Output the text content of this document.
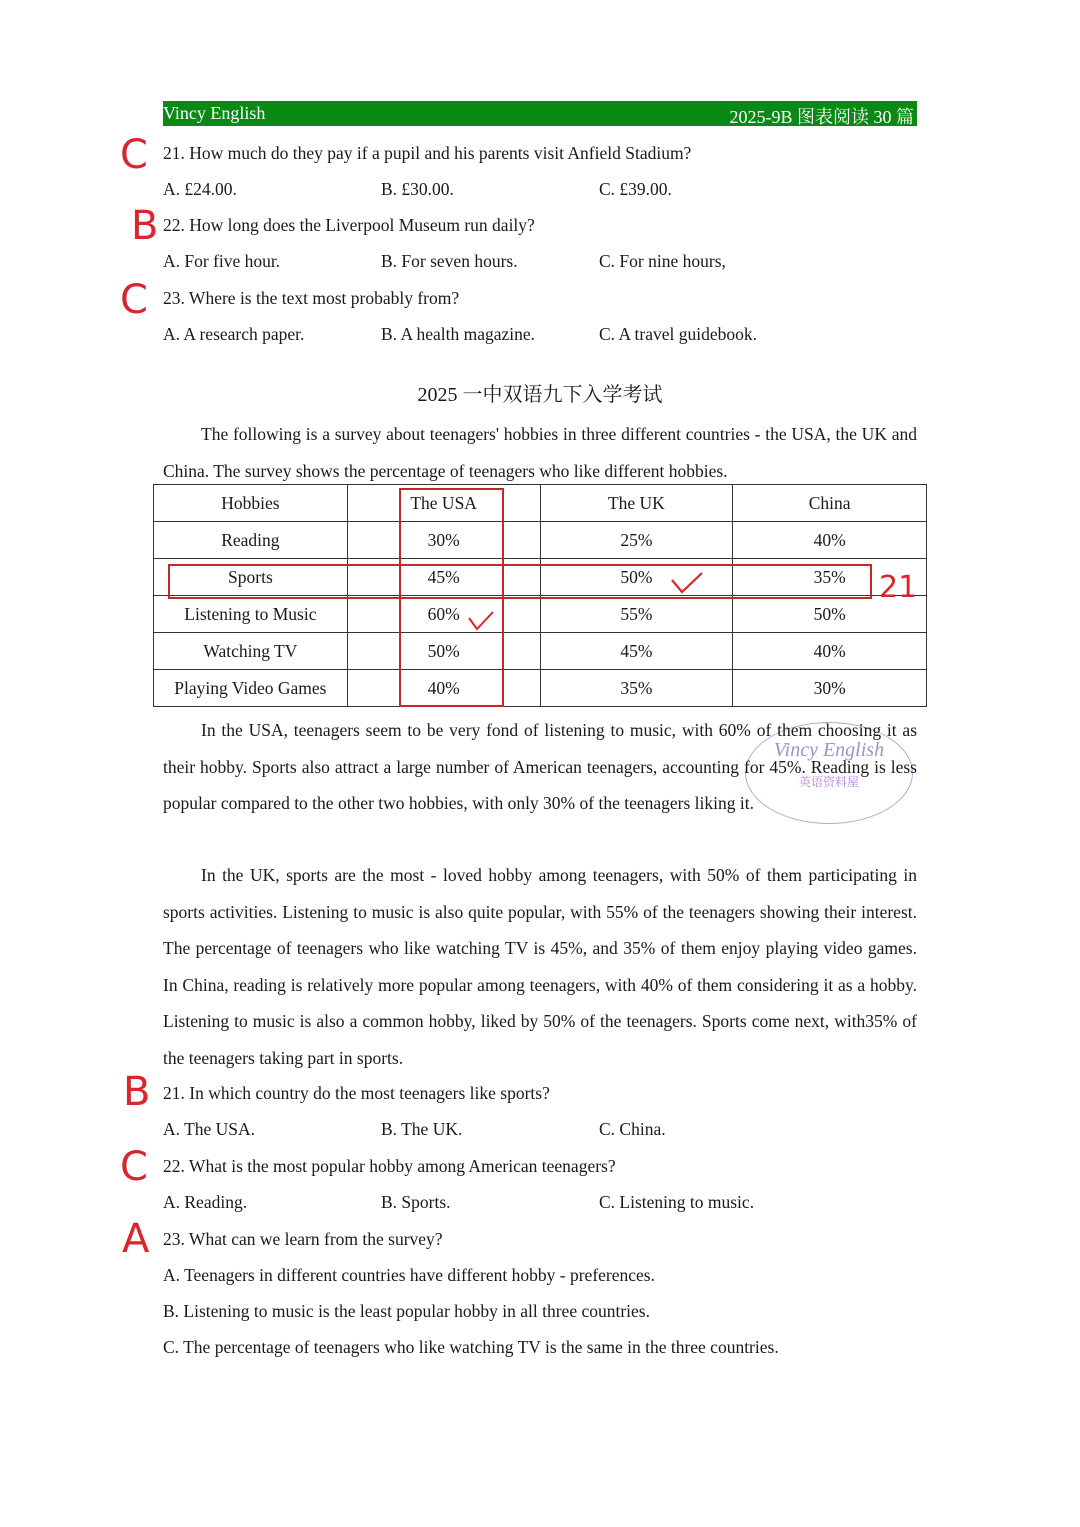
Vincy English	2025-9B 图表阅读 30 篇
C 21. How much do they pay if a pupil and his parents visit Anfield Stadium?
A. £24.00.	B. £30.00.	C. £39.00.
B 22. How long does the Liverpool Museum run daily?
A. For five hour.	B. For seven hours.	C. For nine hours,
C 23. Where is the text most probably from?
A. A research paper.	B. A health magazine.	C. A travel guidebook.
2025 一中双语九下入学考试
The following is a survey about teenagers' hobbies in three different countries - the USA, the UK and China. The survey shows the percentage of teenagers who like different hobbies.
Hobbies	The USA	The UK	China
Reading	30%	25%	40%
Sports	45%	50%	35%
Listening to Music	60%	55%	50%
Watching TV	50%	45%	40%
Playing Video Games	40%	35%	30%
21
Vincy English
英语资料屋
In the USA, teenagers seem to be very fond of listening to music, with 60% of them choosing it as their hobby. Sports also attract a large number of American teenagers, accounting for 45%. Reading is less popular compared to the other two hobbies, with only 30% of the teenagers liking it.
In the UK, sports are the most - loved hobby among teenagers, with 50% of them participating in sports activities. Listening to music is also quite popular, with 55% of the teenagers showing their interest. The percentage of teenagers who like watching TV is 45%, and 35% of them enjoy playing video games. In China, reading is relatively more popular among teenagers, with 40% of them considering it as a hobby. Listening to music is also a common hobby, liked by 50% of the teenagers. Sports come next, with35% of the teenagers taking part in sports.
B 21. In which country do the most teenagers like sports?
A. The USA.	B. The UK.	C. China.
C 22. What is the most popular hobby among American teenagers?
A. Reading.	B. Sports.	C. Listening to music.
A 23. What can we learn from the survey?
A. Teenagers in different countries have different hobby - preferences.
B. Listening to music is the least popular hobby in all three countries.
C. The percentage of teenagers who like watching TV is the same in the three countries.
